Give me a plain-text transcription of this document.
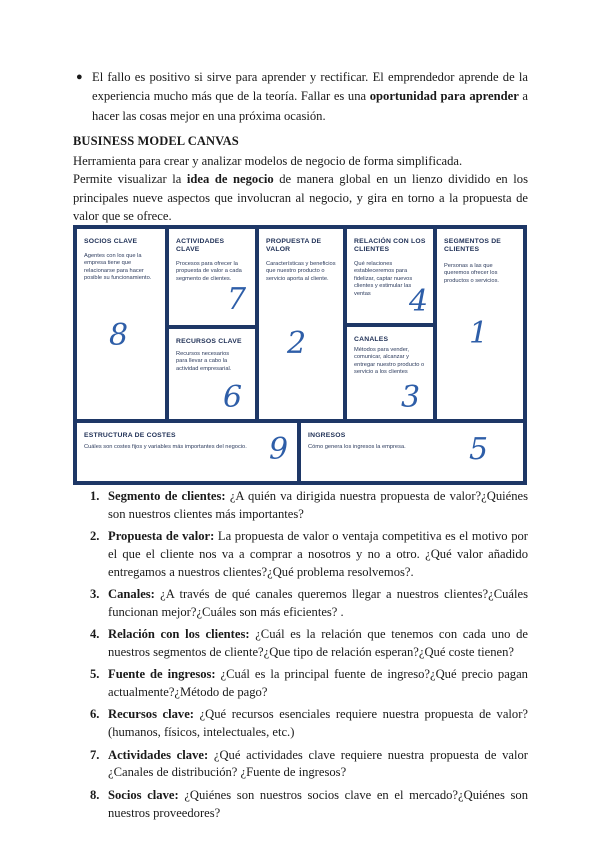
● El fallo es positivo si sirve para aprender y rectificar. El emprendedor aprende de la experiencia mucho más que de la teoría. Fallar es una oportunidad para aprender a hacer las cosas mejor en una próxima ocasión.
BUSINESS MODEL CANVAS

Herramienta para crear y analizar modelos de negocio de forma simplificada.

Permite visualizar la idea de negocio de manera global en un lienzo dividido en los principales nueve aspectos que involucran al negocio, y gira en torno a la propuesta de valor que se ofrece.

SOCIOS CLAVE
Agentes con los que la empresa tiene que relacionarse para hacer posible su funcionamiento.
8
ACTIVIDADES CLAVE
Procesos para ofrecer la propuesta de valor a cada segmento de clientes.
7
RECURSOS CLAVE
Recursos necesarios para llevar a cabo la actividad empresarial.
6
PROPUESTA DE VALOR
Características y beneficios que nuestro producto o servicio aporta al cliente.
2
RELACIÓN CON LOS CLIENTES
Qué relaciones estableceremos para fidelizar, captar nuevos clientes y estimular las ventas	4
CANALES
Métodos para vender, comunicar, alcanzar y entregar nuestro producto o servicio a los clientes
3
SEGMENTOS DE CLIENTES
Personas a las que queremos ofrecer los productos o servicios.
1
ESTRUCTURA DE COSTES
Cuáles son costes fijos y variables más importantes del negocio. 9	INGRESOS
Cómo genera los ingresos la empresa.	5
1. Segmento de clientes: ¿A quién va dirigida nuestra propuesta de valor?¿Quiénes son nuestros clientes más importantes?
2. Propuesta de valor: La propuesta de valor o ventaja competitiva es el motivo por el que el cliente nos va a comprar a nosotros y no a otro. ¿Qué valor añadido entregamos a nuestros clientes?¿Qué problema resolvemos?.
3. Canales: ¿A través de qué canales queremos llegar a nuestros clientes?¿Cuáles funcionan mejor?¿Cuáles son más eficientes? .
4. Relación con los clientes: ¿Cuál es la relación que tenemos con cada uno de nuestros segmentos de cliente?¿Que tipo de relación esperan?¿Qué coste tienen?
5. Fuente de ingresos: ¿Cuál es la principal fuente de ingreso?¿Qué precio pagan actualmente?¿Método de pago?
6. Recursos clave: ¿Qué recursos esenciales requiere nuestra propuesta de valor? (humanos, físicos, intelectuales, etc.)
7. Actividades clave: ¿Qué actividades clave requiere nuestra propuesta de valor ¿Canales de distribución? ¿Fuente de ingresos?
8. Socios clave: ¿Quiénes son nuestros socios clave en el mercado?¿Quiénes son nuestros proveedores?
